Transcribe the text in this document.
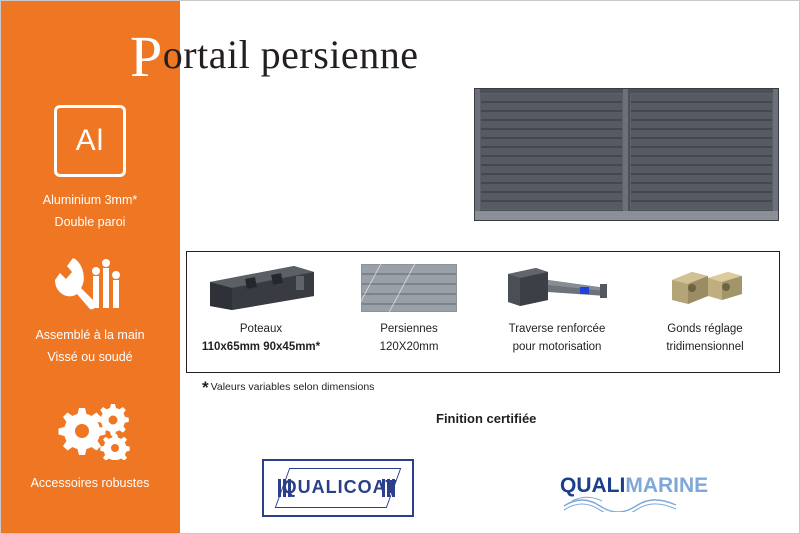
Al
Aluminium 3mm*
Double paroi
Assemblé à la main
Vissé ou soudé
Accessoires robustes
Portail persienne
Poteaux
110x65mm 90x45mm*
Persiennes
120X20mm
Traverse renforcée
pour motorisation
Gonds réglage
tridimensionnel
* Valeurs variables selon dimensions
Finition certifiée
QUALICOAT	QUALIMARINE
